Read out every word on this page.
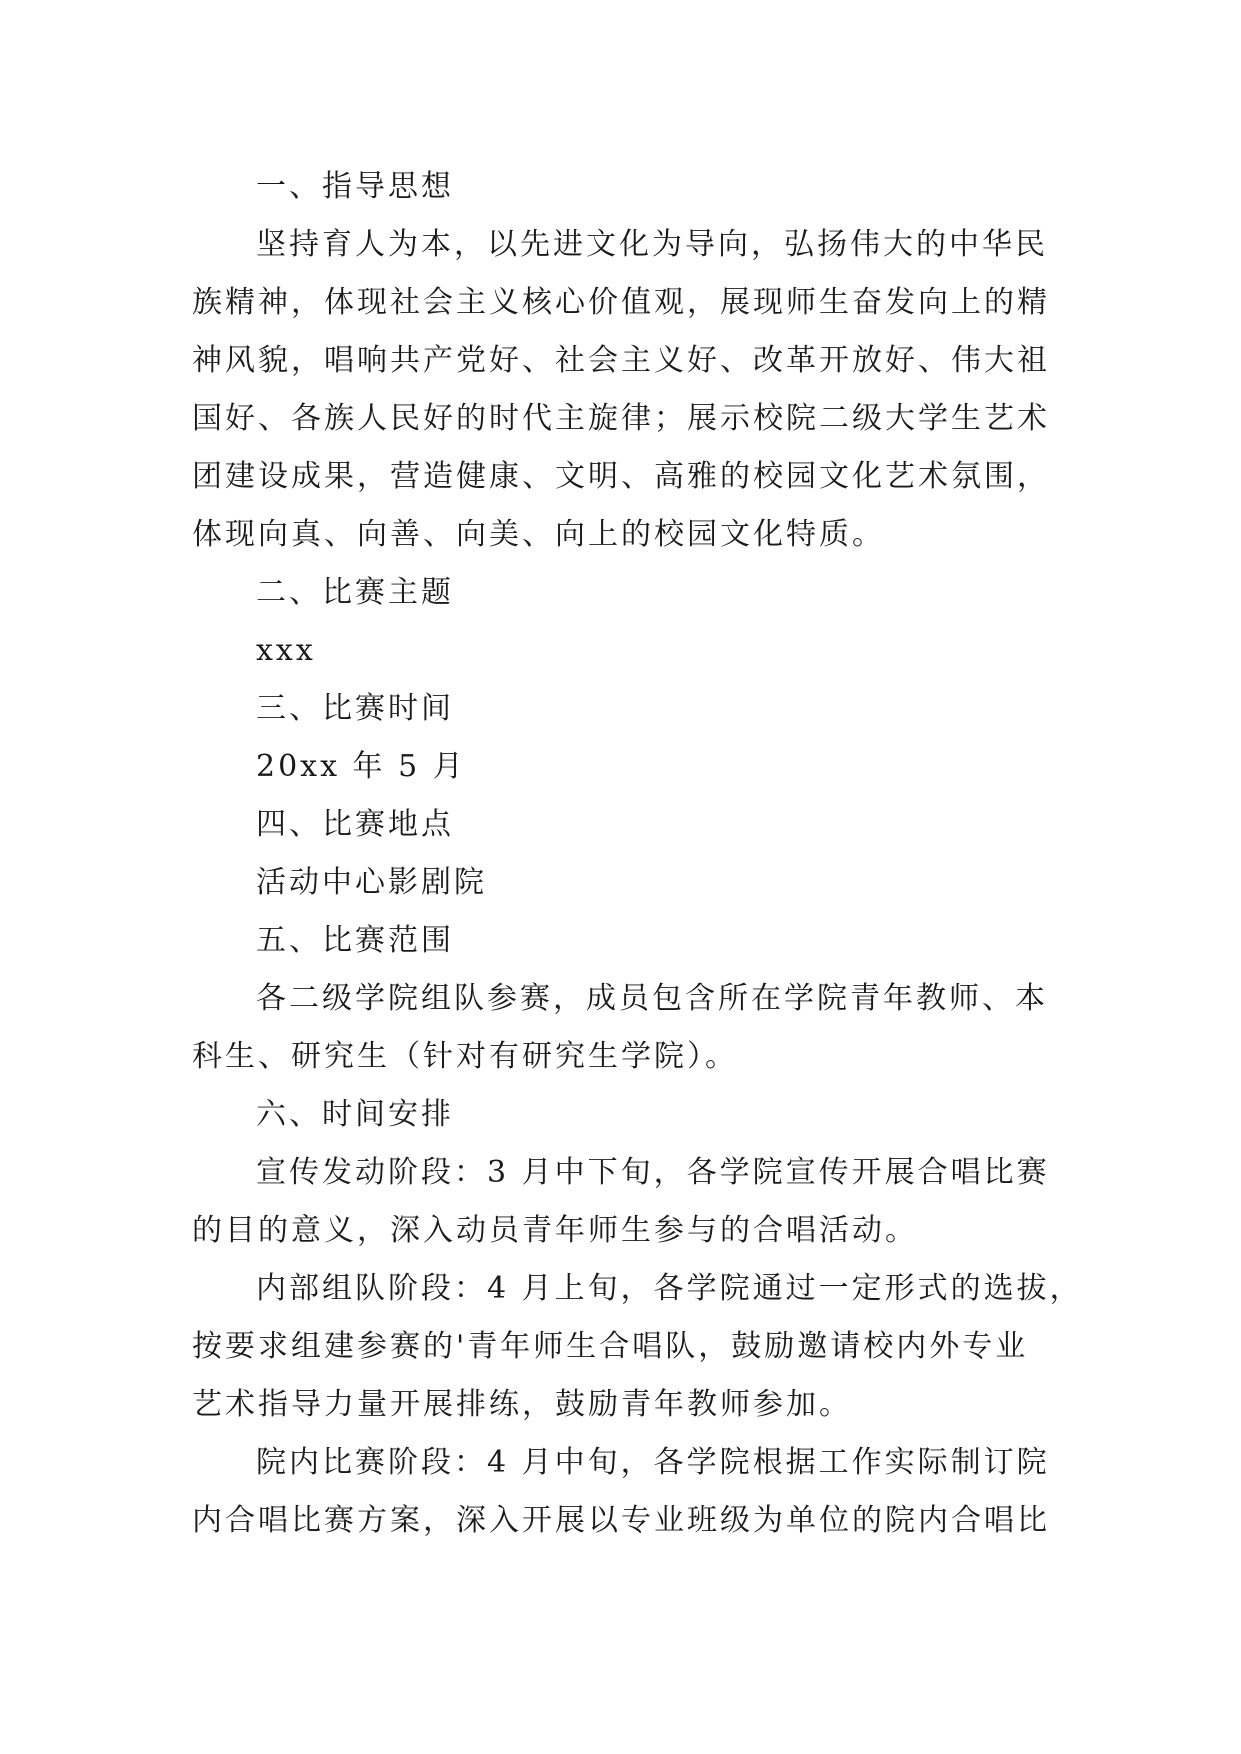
一、指导思想
坚持育人为本，以先进文化为导向，弘扬伟大的中华民
族精神，体现社会主义核心价值观，展现师生奋发向上的精
神风貌，唱响共产党好、社会主义好、改革开放好、伟大祖
国好、各族人民好的时代主旋律；展示校院二级大学生艺术
团建设成果，营造健康、文明、高雅的校园文化艺术氛围，
体现向真、向善、向美、向上的校园文化特质。
二、比赛主题
xxx
三、比赛时间
20xx 年 5 月
四、比赛地点
活动中心影剧院
五、比赛范围
各二级学院组队参赛，成员包含所在学院青年教师、本
科生、研究生（针对有研究生学院）。
六、时间安排
宣传发动阶段：3 月中下旬，各学院宣传开展合唱比赛
的目的意义，深入动员青年师生参与的合唱活动。
内部组队阶段：4 月上旬，各学院通过一定形式的选拔，
按要求组建参赛的'青年师生合唱队，鼓励邀请校内外专业
艺术指导力量开展排练，鼓励青年教师参加。
院内比赛阶段：4 月中旬，各学院根据工作实际制订院
内合唱比赛方案，深入开展以专业班级为单位的院内合唱比
